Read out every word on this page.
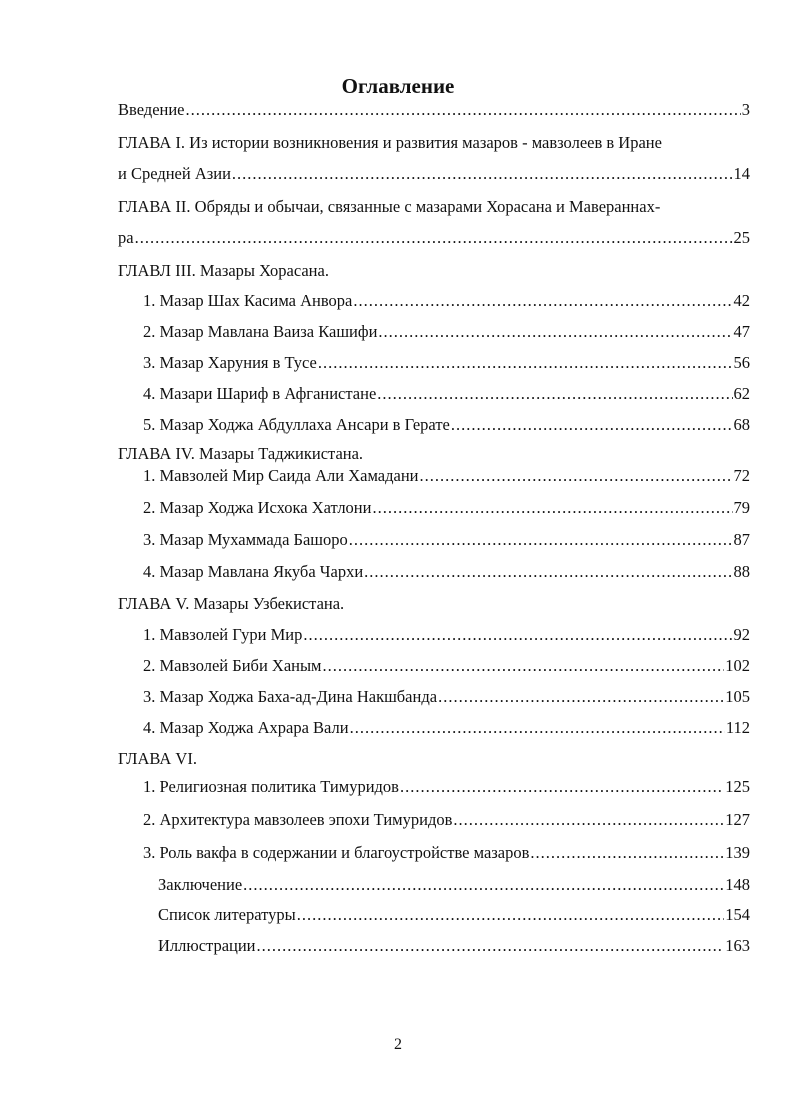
Оглавление
Введение .....	3
ГЛАВА I. Из истории возникновения и развития мазаров - мавзолеев в Иране
и Средней Азии .....	14
ГЛАВА II. Обряды и обычаи, связанные с мазарами Хорасана и Мавераннах-
ра .....	25
ГЛАВЛ III. Мазары Хорасана.
1. Мазар Шах Касима Анвора .....	42
2. Мазар Мавлана Ваиза Кашифи .....	47
3. Мазар Харуния в Тусе .....	56
4. Мазари Шариф в Афганистане .....	62
5. Мазар Ходжа Абдуллаха Ансари в Герате .....	68
ГЛАВА IV. Мазары Таджикистана.
1. Мавзолей Мир Саида Али Хамадани .....	72
2. Мазар Ходжа Исхока Хатлони .....	79
3. Мазар Мухаммада Башоро .....	87
4. Мазар Мавлана Якуба Чархи .....	88
ГЛАВА V. Мазары Узбекистана.
1. Мавзолей Гури Мир .....	92
2. Мавзолей Биби Ханым .....	102
3. Мазар Ходжа Баха-ад-Дина Накшбанда .....	105
4. Мазар Ходжа Ахрара Вали .....	112
ГЛАВА VI.
1. Религиозная политика Тимуридов .....	125
2. Архитектура мавзолеев эпохи Тимуридов .....	127
3. Роль вакфа в содержании и благоустройстве мазаров .....	139
Заключение .....	148
Список литературы .....	154
Иллюстрации .....	163
2
